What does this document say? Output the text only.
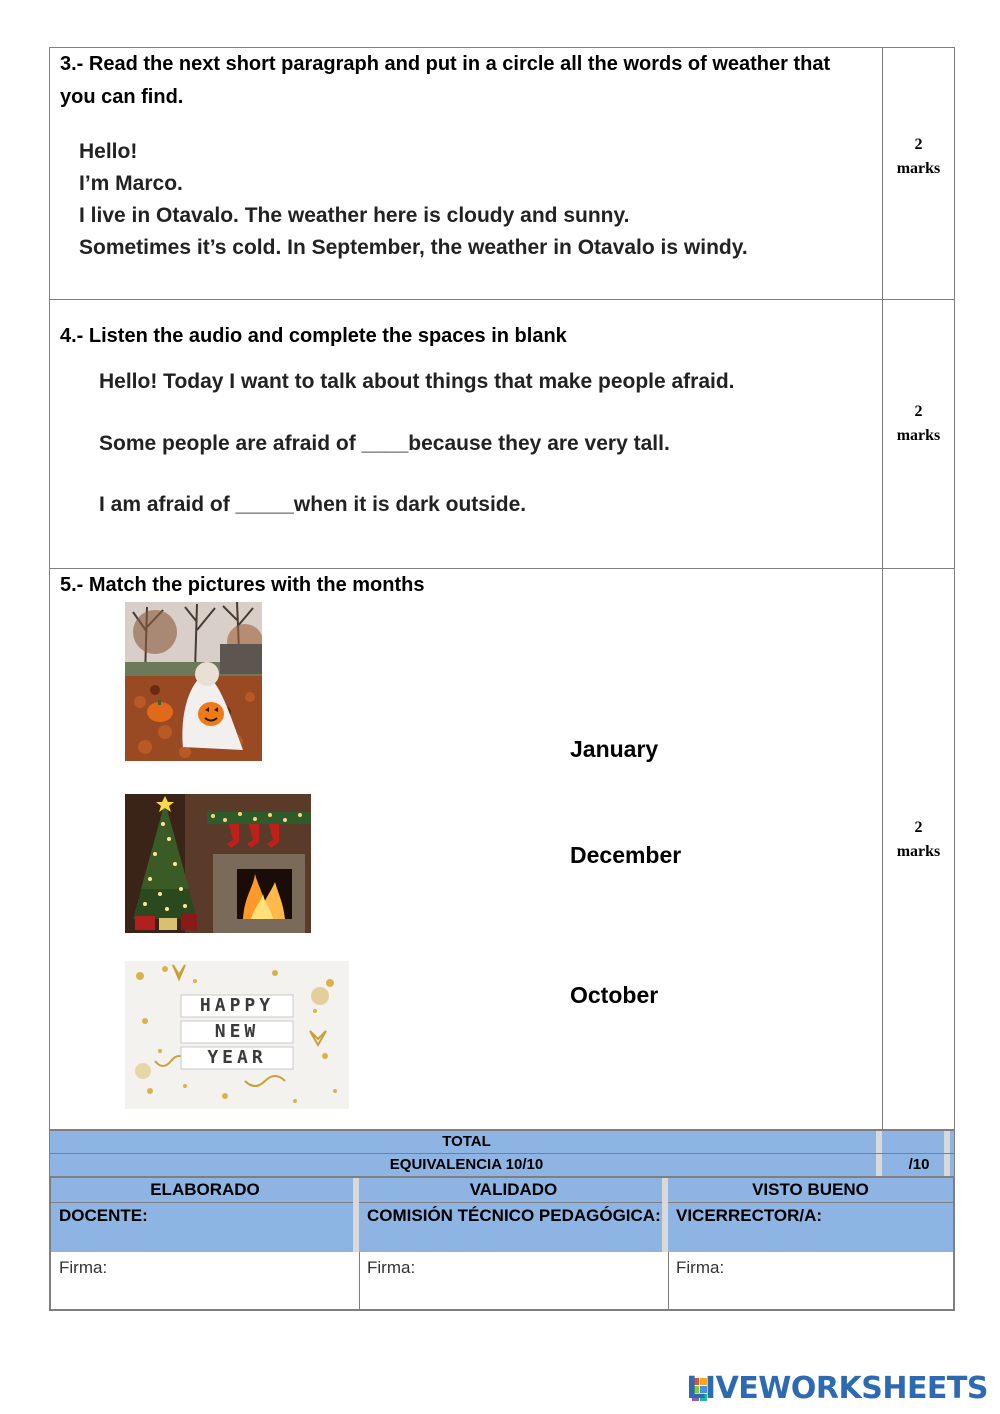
3.- Read the next short paragraph and put in a circle all the words of weather that you can find.
Hello!
I’m Marco.
I live in Otavalo. The weather here is cloudy and sunny.
Sometimes it’s cold. In September, the weather in Otavalo is windy.
2
marks
4.- Listen the audio and complete the spaces in blank
Hello! Today I want to talk about things that make people afraid.
Some people are afraid of ____because they are very tall.
I am afraid of _____when it is dark outside.
2
marks
5.- Match the pictures with the months
HAPPY
NEW
YEAR
January
December
October
2
marks
TOTAL
EQUIVALENCIA 10/10	/10
ELABORADO
DOCENTE:
Firma:
VALIDADO
COMISIÓN TÉCNICO PEDAGÓGICA:
Firma:
VISTO BUENO
VICERRECTOR/A:
Firma:
LIVEWORKSHEETS
